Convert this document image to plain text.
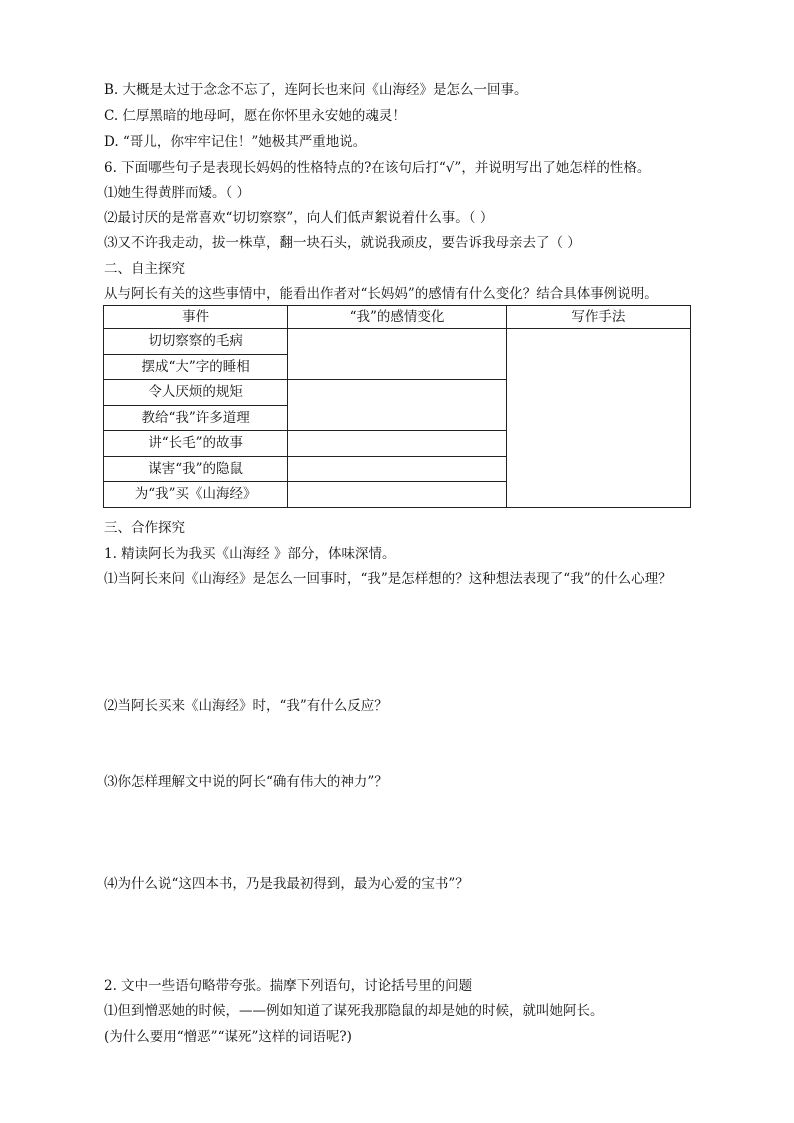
B. 大概是太过于念念不忘了，连阿长也来问《山海经》是怎么一回事。
C. 仁厚黑暗的地母呵，愿在你怀里永安她的魂灵！
D. “哥儿，你牢牢记住！”她极其严重地说。
6. 下面哪些句子是表现长妈妈的性格特点的?在该句后打“√”，并说明写出了她怎样的性格。
⑴她生得黄胖而矮。（ ）
⑵最讨厌的是常喜欢“切切察察”，向人们低声絮说着什么事。（ ）
⑶又不许我走动，拔一株草，翻一块石头，就说我顽皮，要告诉我母亲去了（ ）
二、自主探究
从与阿长有关的这些事情中，能看出作者对“长妈妈”的感情有什么变化？结合具体事例说明。
事件	“我”的感情变化	写作手法
切切察察的毛病		
摆成“大”字的睡相		
令人厌烦的规矩		
教给“我”许多道理		
讲“长毛”的故事		
谋害“我”的隐鼠		
为“我”买《山海经》		
三、合作探究
1. 精读阿长为我买《山海经 》部分，体味深情。
⑴当阿长来问《山海经》是怎么一回事时，“我”是怎样想的？这种想法表现了“我”的什么心理？
⑵当阿长买来《山海经》时，“我”有什么反应？
⑶你怎样理解文中说的阿长“确有伟大的神力”？
⑷为什么说“这四本书，乃是我最初得到，最为心爱的宝书”？
2. 文中一些语句略带夸张。揣摩下列语句，讨论括号里的问题
⑴但到憎恶她的时候，——例如知道了谋死我那隐鼠的却是她的时候，就叫她阿长。
(为什么要用“憎恶”“谋死”这样的词语呢?)
